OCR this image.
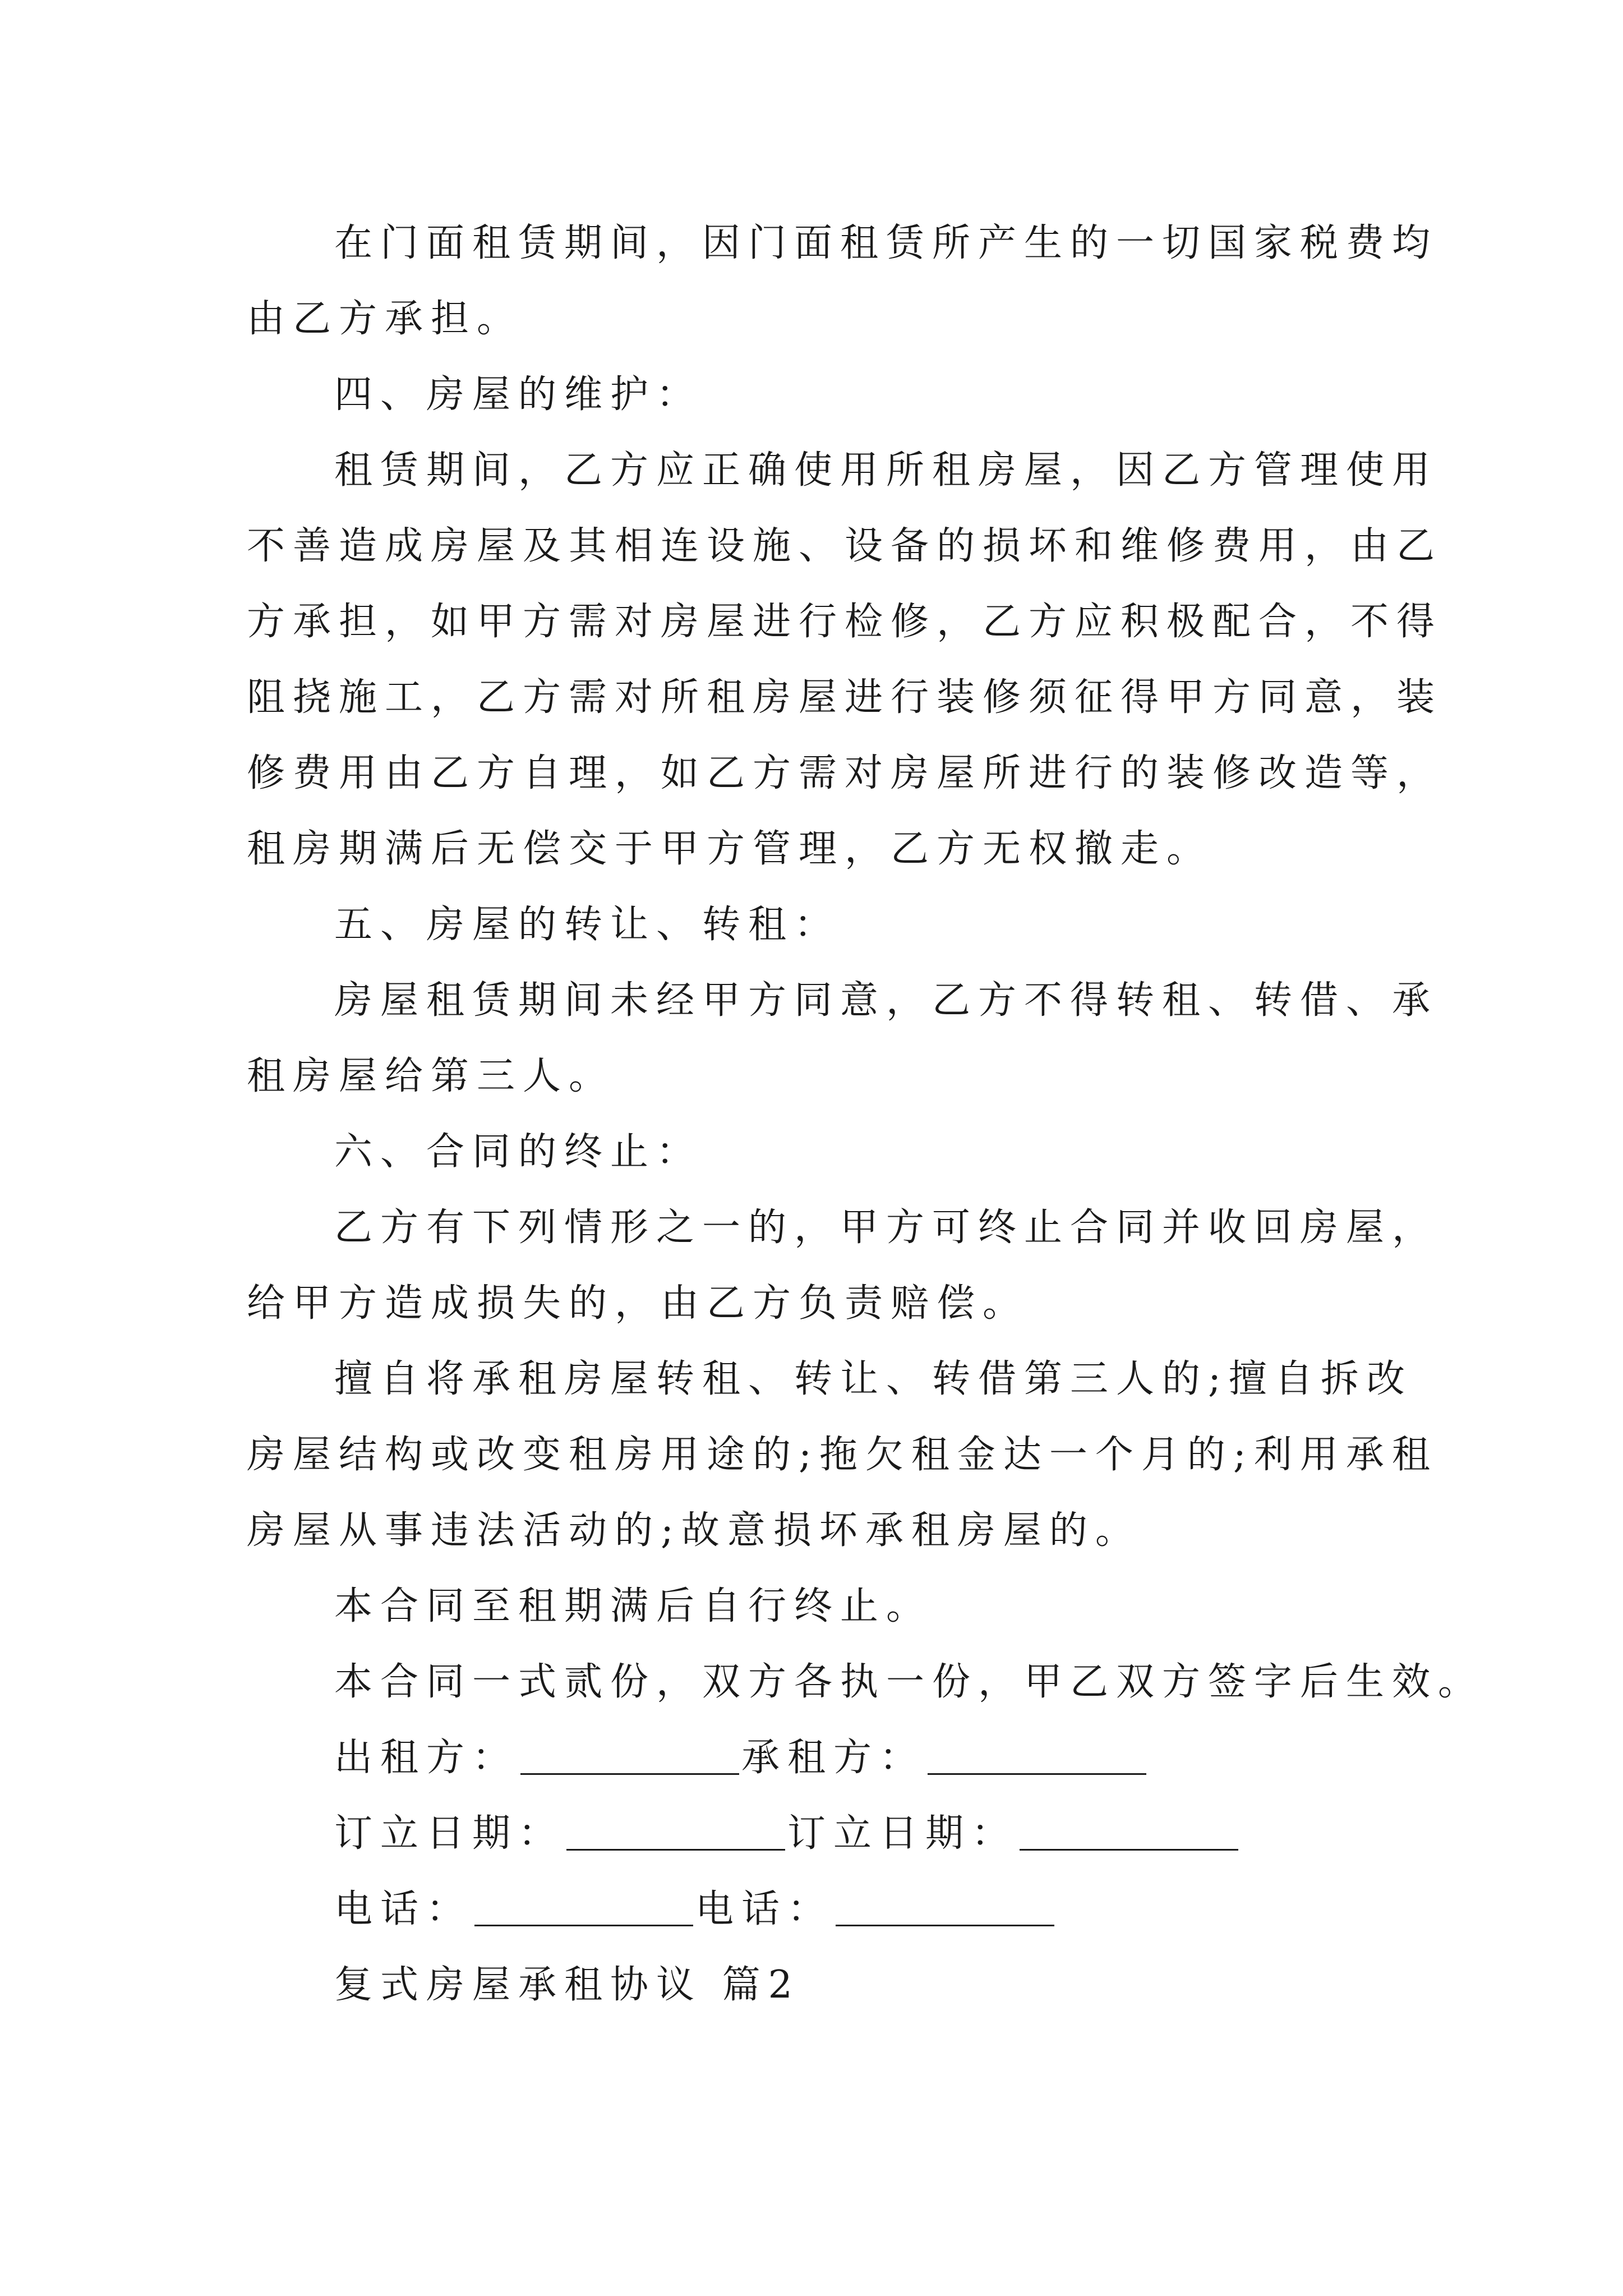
在门面租赁期间，因门面租赁所产生的一切国家税费均
由乙方承担。
四、房屋的维护：
租赁期间，乙方应正确使用所租房屋，因乙方管理使用
不善造成房屋及其相连设施、设备的损坏和维修费用，由乙
方承担，如甲方需对房屋进行检修，乙方应积极配合，不得
阻挠施工，乙方需对所租房屋进行装修须征得甲方同意，装
修费用由乙方自理，如乙方需对房屋所进行的装修改造等，
租房期满后无偿交于甲方管理，乙方无权撤走。
五、房屋的转让、转租：
房屋租赁期间未经甲方同意，乙方不得转租、转借、承
租房屋给第三人。
六、合同的终止：
乙方有下列情形之一的，甲方可终止合同并收回房屋，
给甲方造成损失的，由乙方负责赔偿。
擅自将承租房屋转租、转让、转借第三人的;擅自拆改
房屋结构或改变租房用途的;拖欠租金达一个月的;利用承租
房屋从事违法活动的;故意损坏承租房屋的。
本合同至租期满后自行终止。
本合同一式贰份，双方各执一份，甲乙双方签字后生效。
出租方：	承租方：
订立日期：	订立日期：
电话：	电话：
复式房屋承租协议 篇2
